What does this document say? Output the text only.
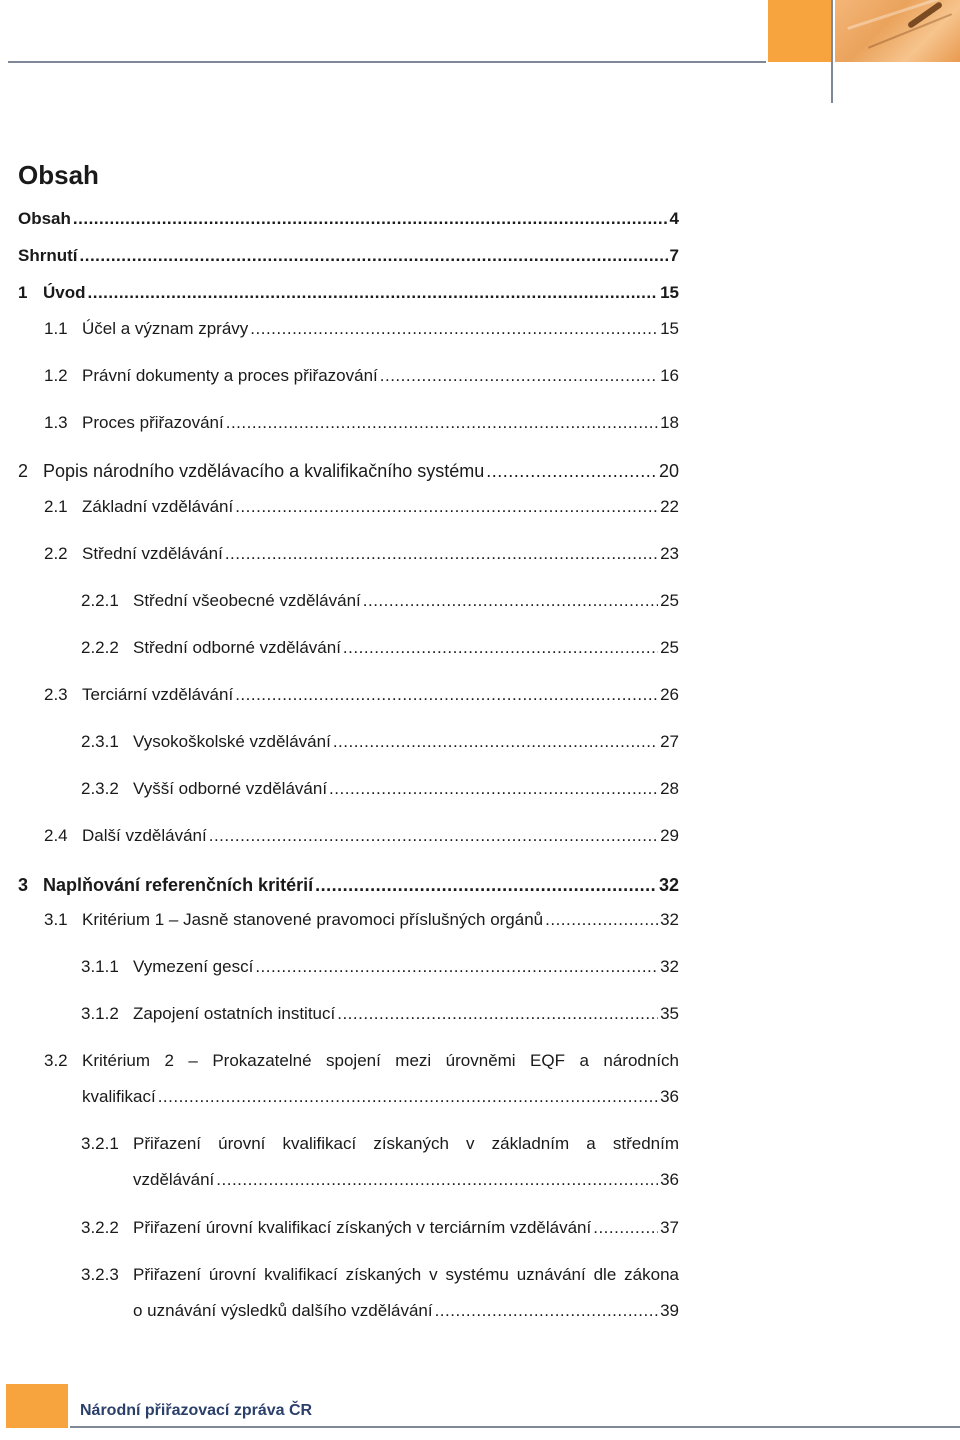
Obsah
Obsah .....	4
Shrnutí .....	7
1 Úvod .....	15
1.1 Účel a význam zprávy .....	15
1.2 Právní dokumenty a proces přiřazování .....	16
1.3 Proces přiřazování .....	18
2 Popis národního vzdělávacího a kvalifikačního systému .....	20
2.1 Základní vzdělávání .....	22
2.2 Střední vzdělávání .....	23
2.2.1 Střední všeobecné vzdělávání .....	25
2.2.2 Střední odborné vzdělávání .....	25
2.3 Terciární vzdělávání .....	26
2.3.1 Vysokoškolské vzdělávání .....	27
2.3.2 Vyšší odborné vzdělávání .....	28
2.4 Další vzdělávání .....	29
3 Naplňování referenčních kritérií .....	32
3.1 Kritérium 1 – Jasně stanovené pravomoci příslušných orgánů .....	32
3.1.1 Vymezení gescí .....	32
3.1.2 Zapojení ostatních institucí .....	35
3.2 Kritérium 2 – Prokazatelné spojení mezi úrovněmi EQF a národních
kvalifikací .....	36
3.2.1 Přiřazení úrovní kvalifikací získaných v základním a středním
vzdělávání .....	36
3.2.2 Přiřazení úrovní kvalifikací získaných v terciárním vzdělávání .....	37
3.2.3 Přiřazení úrovní kvalifikací získaných v systému uznávání dle zákona
o uznávání výsledků dalšího vzdělávání .....	39
Národní přiřazovací zpráva ČR
